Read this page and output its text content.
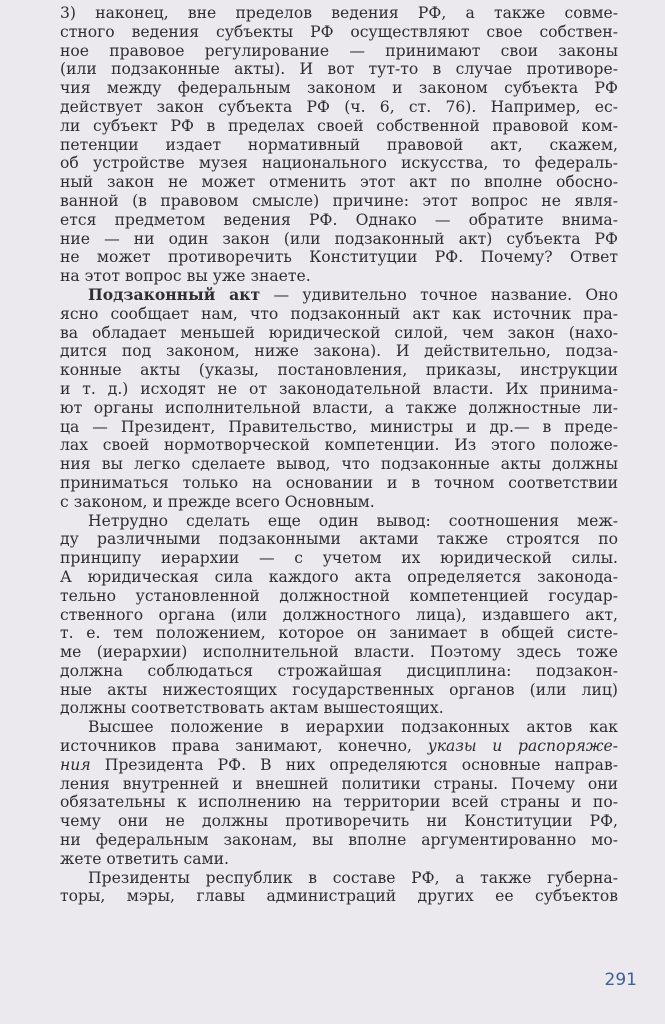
3) наконец, вне пределов ведения РФ, а также совме-
стного ведения субъекты РФ осуществляют свое собствен-
ное правовое регулирование — принимают свои законы
(или подзаконные акты). И вот тут-то в случае противоре-
чия между федеральным законом и законом субъекта РФ
действует закон субъекта РФ (ч. 6, ст. 76). Например, ес-
ли субъект РФ в пределах своей собственной правовой ком-
петенции издает нормативный правовой акт, скажем,
об устройстве музея национального искусства, то федераль-
ный закон не может отменить этот акт по вполне обосно-
ванной (в правовом смысле) причине: этот вопрос не явля-
ется предметом ведения РФ. Однако — обратите внима-
ние — ни один закон (или подзаконный акт) субъекта РФ
не может противоречить Конституции РФ. Почему? Ответ
на этот вопрос вы уже знаете.
Подзаконный акт — удивительно точное название. Оно
ясно сообщает нам, что подзаконный акт как источник пра-
ва обладает меньшей юридической силой, чем закон (нахо-
дится под законом, ниже закона). И действительно, подза-
конные акты (указы, постановления, приказы, инструкции
и т. д.) исходят не от законодательной власти. Их принима-
ют органы исполнительной власти, а также должностные ли-
ца — Президент, Правительство, министры и др.— в преде-
лах своей нормотворческой компетенции. Из этого положе-
ния вы легко сделаете вывод, что подзаконные акты должны
приниматься только на основании и в точном соответствии
с законом, и прежде всего Основным.
Нетрудно сделать еще один вывод: соотношения меж-
ду различными подзаконными актами также строятся по
принципу иерархии — с учетом их юридической силы.
А юридическая сила каждого акта определяется законода-
тельно установленной должностной компетенцией государ-
ственного органа (или должностного лица), издавшего акт,
т. е. тем положением, которое он занимает в общей систе-
ме (иерархии) исполнительной власти. Поэтому здесь тоже
должна соблюдаться строжайшая дисциплина: подзакон-
ные акты нижестоящих государственных органов (или лиц)
должны соответствовать актам вышестоящих.
Высшее положение в иерархии подзаконных актов как
источников права занимают, конечно, указы и распоряже-
ния Президента РФ. В них определяются основные направ-
ления внутренней и внешней политики страны. Почему они
обязательны к исполнению на территории всей страны и по-
чему они не должны противоречить ни Конституции РФ,
ни федеральным законам, вы вполне аргументированно мо-
жете ответить сами.
Президенты республик в составе РФ, а также губерна-
торы, мэры, главы администраций других ее субъектов
291
